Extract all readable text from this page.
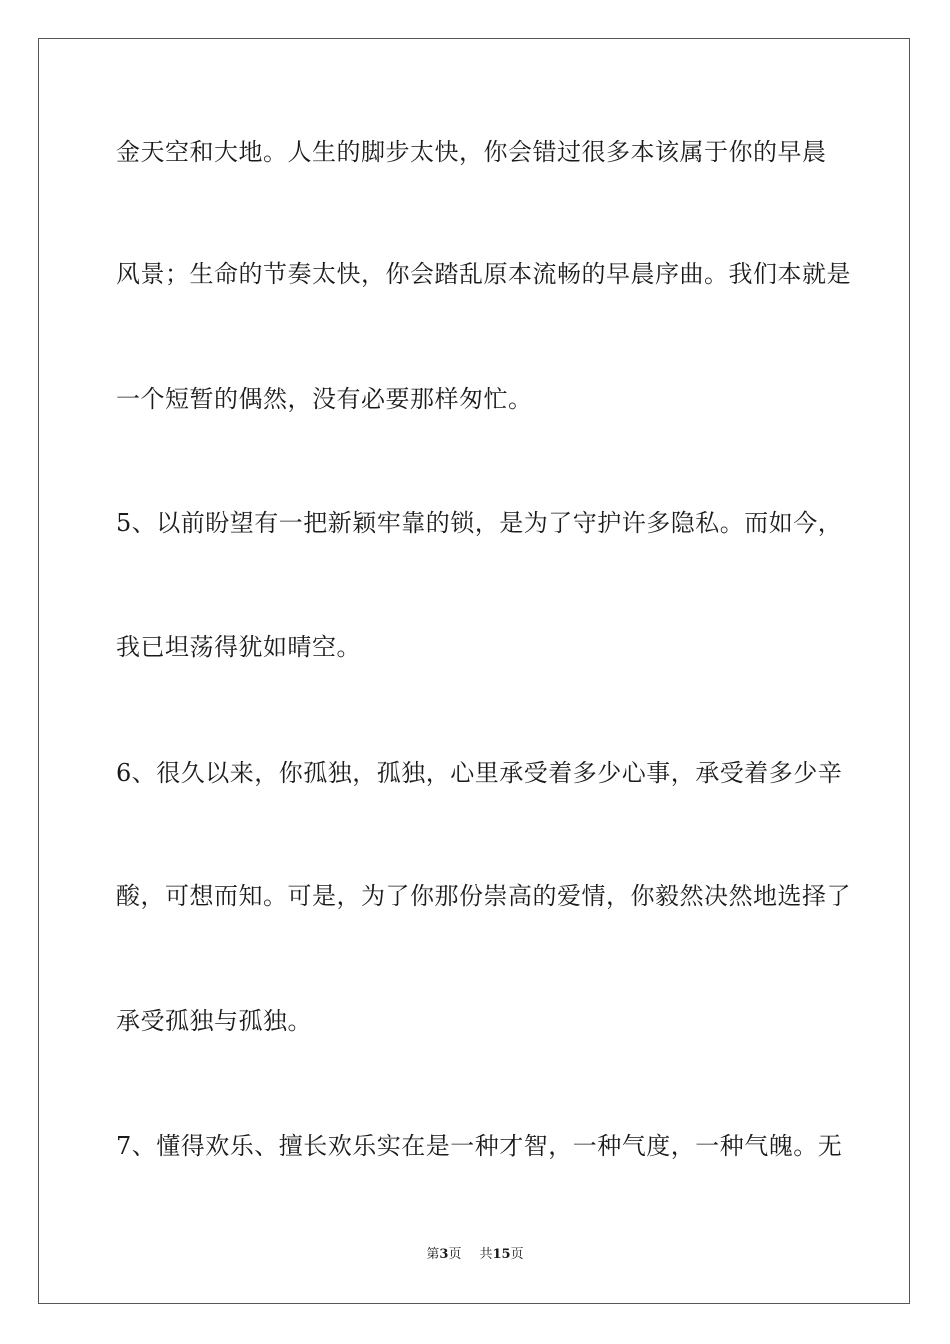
金天空和大地。人生的脚步太快，你会错过很多本该属于你的早晨
风景；生命的节奏太快，你会踏乱原本流畅的早晨序曲。我们本就是
一个短暂的偶然，没有必要那样匆忙。
5、以前盼望有一把新颖牢靠的锁，是为了守护许多隐私。而如今，
我已坦荡得犹如晴空。
6、很久以来，你孤独，孤独，心里承受着多少心事，承受着多少辛
酸，可想而知。可是，为了你那份崇高的爱情，你毅然决然地选择了
承受孤独与孤独。
7、懂得欢乐、擅长欢乐实在是一种才智，一种气度，一种气魄。无
第3页 共15页
